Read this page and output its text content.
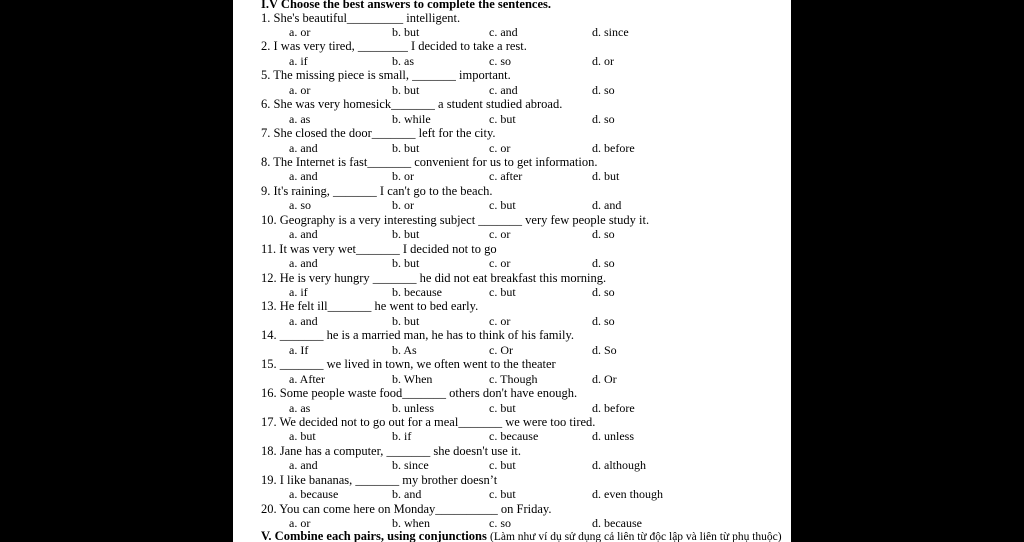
I.V Choose the best answers to complete the sentences.
1. She's beautiful_________ intelligent.
a. or	b. but	c. and	d. since
2. I was very tired, ________ I decided to take a rest.
a. if	b. as	c. so	d. or
5. The missing piece is small, _______ important.
a. or	b. but	c. and	d. so
6. She was very homesick_______ a student studied abroad.
a. as	b. while	c. but	d. so
7. She closed the door_______ left for the city.
a. and	b. but	c. or	d. before
8. The Internet is fast_______ convenient for us to get information.
a. and	b. or	c. after	d. but
9. It's raining, _______ I can't go to the beach.
a. so	b. or	c. but	d. and
10. Geography is a very interesting subject _______ very few people study it.
a. and	b. but	c. or	d. so
11. It was very wet_______ I decided not to go
a. and	b. but	c. or	d. so
12. He is very hungry _______ he did not eat breakfast this morning.
a. if	b. because	c. but	d. so
13. He felt ill_______ he went to bed early.
a. and	b. but	c. or	d. so
14. _______ he is a married man, he has to think of his family.
a. If	b. As	c. Or	d. So
15. _______ we lived in town, we often went to the theater
a. After	b. When	c. Though	d. Or
16. Some people waste food_______ others don't have enough.
a. as	b. unless	c. but	d. before
17. We decided not to go out for a meal_______ we were too tired.
a. but	b. if	c. because	d. unless
18. Jane has a computer, _______ she doesn't use it.
a. and	b. since	c. but	d. although
19. I like bananas, _______ my brother doesn’t
a. because	b. and	c. but	d. even though
20. You can come here on Monday__________ on Friday.
a. or	b. when	c. so	d. because
V. Combine each pairs, using conjunctions (Làm như ví dụ sử dụng cả liên từ độc lập và liên từ phụ thuộc)
